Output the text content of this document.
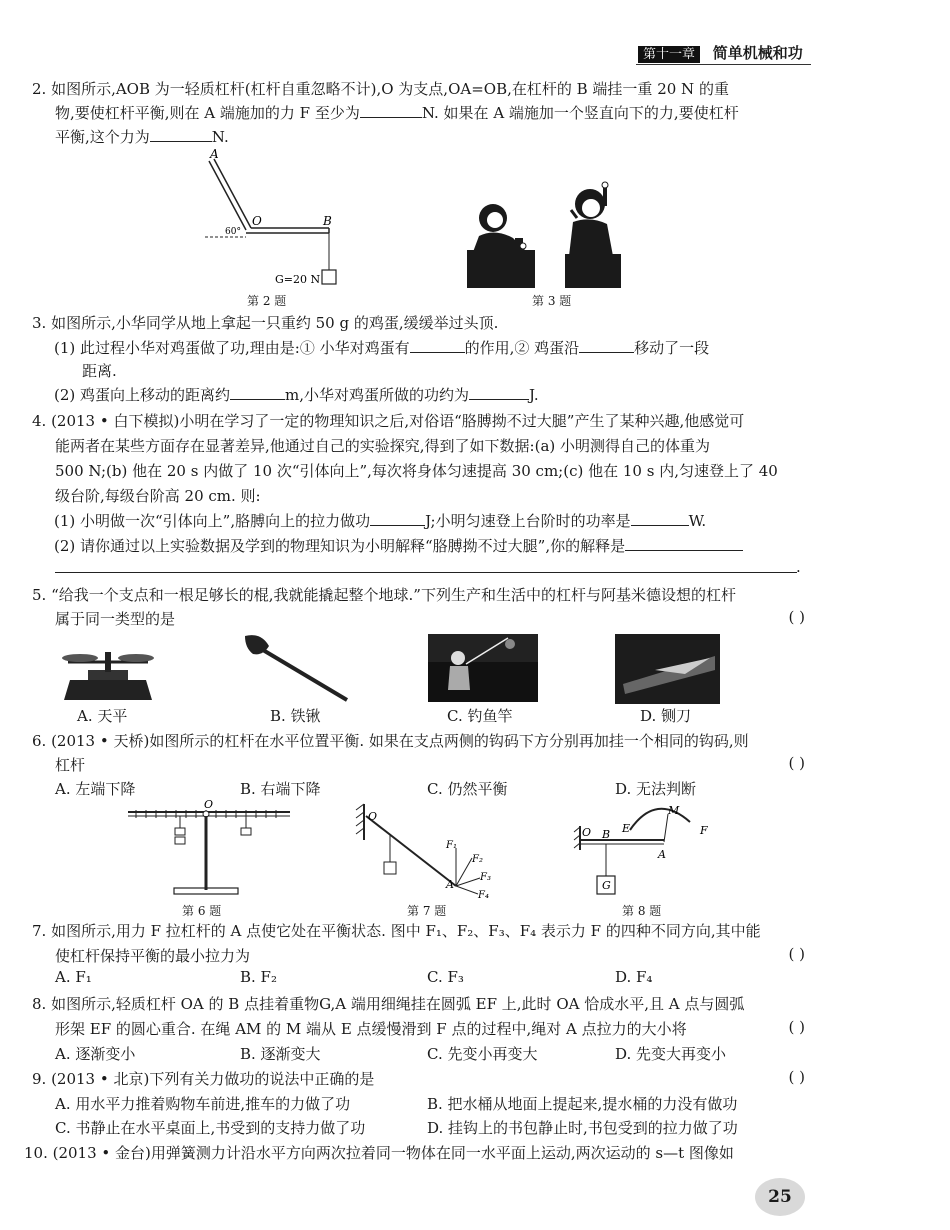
第十一章 简单机械和功
2. 如图所示,AOB 为一轻质杠杆(杠杆自重忽略不计),O 为支点,OA=OB,在杠杆的 B 端挂一重 20 N 的重
物,要使杠杆平衡,则在 A 端施加的力 F 至少为	N. 如果在 A 端施加一个竖直向下的力,要使杠杆
平衡,这个力为	N.
A
O	B
60°
G=20 N
第 2 题	第 3 题
3. 如图所示,小华同学从地上拿起一只重约 50 g 的鸡蛋,缓缓举过头顶.
(1) 此过程小华对鸡蛋做了功,理由是:① 小华对鸡蛋有	的作用,② 鸡蛋沿	移动了一段
距离.
(2) 鸡蛋向上移动的距离约	m,小华对鸡蛋所做的功约为	J.
4. (2013 • 白下模拟)小明在学习了一定的物理知识之后,对俗语“胳膊拗不过大腿”产生了某种兴趣,他感觉可
能两者在某些方面存在显著差异,他通过自己的实验探究,得到了如下数据:(a) 小明测得自己的体重为
500 N;(b) 他在 20 s 内做了 10 次“引体向上”,每次将身体匀速提高 30 cm;(c) 他在 10 s 内,匀速登上了 40
级台阶,每级台阶高 20 cm. 则:
(1) 小明做一次“引体向上”,胳膊向上的拉力做功	J;小明匀速登上台阶时的功率是	W.
(2) 请你通过以上实验数据及学到的物理知识为小明解释“胳膊拗不过大腿”,你的解释是
.
5. “给我一个支点和一根足够长的棍,我就能撬起整个地球.”下列生产和生活中的杠杆与阿基米德设想的杠杆
属于同一类型的是	( )
A. 天平	B. 铁锹	C. 钓鱼竿	D. 铡刀
6. (2013 • 天桥)如图所示的杠杆在水平位置平衡. 如果在支点两侧的钩码下方分别再加挂一个相同的钩码,则
杠杆	( )
A. 左端下降	B. 右端下降	C. 仍然平衡	D. 无法判断
O
第 6 题
O
A
F₁
F₂
F₃
F₄
第 7 题
O B E
M
F
A
G
第 8 题
7. 如图所示,用力 F 拉杠杆的 A 点使它处在平衡状态. 图中 F₁、F₂、F₃、F₄ 表示力 F 的四种不同方向,其中能
使杠杆保持平衡的最小拉力为	( )
A. F₁	B. F₂	C. F₃	D. F₄
8. 如图所示,轻质杠杆 OA 的 B 点挂着重物G,A 端用细绳挂在圆弧 EF 上,此时 OA 恰成水平,且 A 点与圆弧
形架 EF 的圆心重合. 在绳 AM 的 M 端从 E 点缓慢滑到 F 点的过程中,绳对 A 点拉力的大小将	( )
A. 逐渐变小	B. 逐渐变大	C. 先变小再变大	D. 先变大再变小
9. (2013 • 北京)下列有关力做功的说法中正确的是	( )
A. 用水平力推着购物车前进,推车的力做了功	B. 把水桶从地面上提起来,提水桶的力没有做功
C. 书静止在水平桌面上,书受到的支持力做了功	D. 挂钩上的书包静止时,书包受到的拉力做了功
10. (2013 • 金台)用弹簧测力计沿水平方向两次拉着同一物体在同一水平面上运动,两次运动的 s—t 图像如
25
